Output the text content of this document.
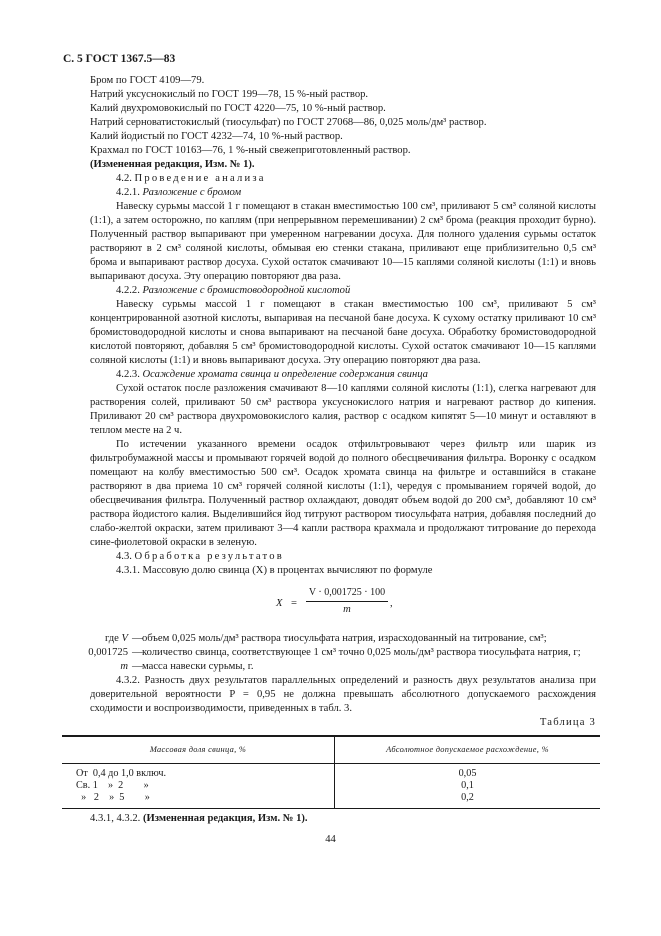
С. 5 ГОСТ 1367.5—83

Бром по ГОСТ 4109—79.

Натрий уксуснокислый по ГОСТ 199—78, 15 %-ный раствор.

Калий двухромовокислый по ГОСТ 4220—75, 10 %-ный раствор.

Натрий серноватистокислый (тиосульфат) по ГОСТ 27068—86, 0,025 моль/дм³ раствор.

Калий йодистый по ГОСТ 4232—74, 10 %-ный раствор.

Крахмал по ГОСТ 10163—76, 1 %-ный свежеприготовленный раствор.

(Измененная редакция, Изм. № 1).

4.2. Проведение анализа

4.2.1. Разложение с бромом

Навеску сурьмы массой 1 г помещают в стакан вместимостью 100 см³, приливают 5 см³ соляной кислоты (1:1), а затем осторожно, по каплям (при непрерывном перемешивании) 2 см³ брома (реакция проходит бурно). Полученный раствор выпаривают при умеренном нагревании досуха. Для полного удаления сурьмы остаток растворяют в 2 см³ соляной кислоты, обмывая ею стенки стакана, приливают еще приблизительно 0,5 см³ брома и выпаривают раствор досуха. Сухой остаток смачивают 10—15 каплями соляной кислоты (1:1) и вновь выпаривают досуха. Эту операцию повторяют два раза.

4.2.2. Разложение с бромистоводородной кислотой

Навеску сурьмы массой 1 г помещают в стакан вместимостью 100 см³, приливают 5 см³ концентрированной азотной кислоты, выпаривая на песчаной бане досуха. К сухому остатку приливают 10 см³ бромистоводородной кислоты и снова выпаривают на песчаной бане досуха. Обработку бромистоводородной кислотой повторяют, добавляя 5 см³ бромистоводородной кислоты. Сухой остаток смачивают 10—15 каплями соляной кислоты (1:1) и вновь выпаривают досуха. Эту операцию повторяют два раза.

4.2.3. Осаждение хромата свинца и определение содержания свинца

Сухой остаток после разложения смачивают 8—10 каплями соляной кислоты (1:1), слегка нагревают для растворения солей, приливают 50 см³ раствора уксуснокислого натрия и нагревают раствор до кипения. Приливают 20 см³ раствора двухромовокислого калия, раствор с осадком кипятят 5—10 минут и оставляют в теплом месте на 2 ч.

По истечении указанного времени осадок отфильтровывают через фильтр или шарик из фильтробумажной массы и промывают горячей водой до полного обесцвечивания фильтра. Воронку с осадком помещают на колбу вместимостью 500 см³. Осадок хромата свинца на фильтре и оставшийся в стакане растворяют в два приема 10 см³ горячей соляной кислоты (1:1), чередуя с промыванием горячей водой, до обесцвечивания фильтра. Полученный раствор охлаждают, доводят объем водой до 200 см³, добавляют 10 см³ раствора йодистого калия. Выделившийся йод титруют раствором тиосульфата натрия, добавляя последний до слабо-желтой окраски, затем приливают 3—4 капли раствора крахмала и продолжают титрование до перехода сине-фиолетовой окраски в зеленую.

4.3. Обработка результатов

4.3.1. Массовую долю свинца (X) в процентах вычисляют по формуле

$X = \frac{V \cdot 0,001725 \cdot 100}{m}$ ,
где V — объем 0,025 моль/дм³ раствора тиосульфата натрия, израсходованный на титрование, см³;
0,001725 — количество свинца, соответствующее 1 см³ точно 0,025 моль/дм³ раствора тиосульфата натрия, г;
m — масса навески сурьмы, г.

4.3.2. Разность двух результатов параллельных определений и разность двух результатов анализа при доверительной вероятности P = 0,95 не должна превышать абсолютного допускаемого расхождения сходимости и воспроизводимости, приведенных в табл. 3.

Таблица 3

Массовая доля свинца, %	Абсолютное допускаемое расхождение, %
От  0,4 до 1,0 включ.	0,05
Св. 1    »  2        »	0,1
»   2    »  5        »	0,2

4.3.1, 4.3.2. (Измененная редакция, Изм. № 1).

44
